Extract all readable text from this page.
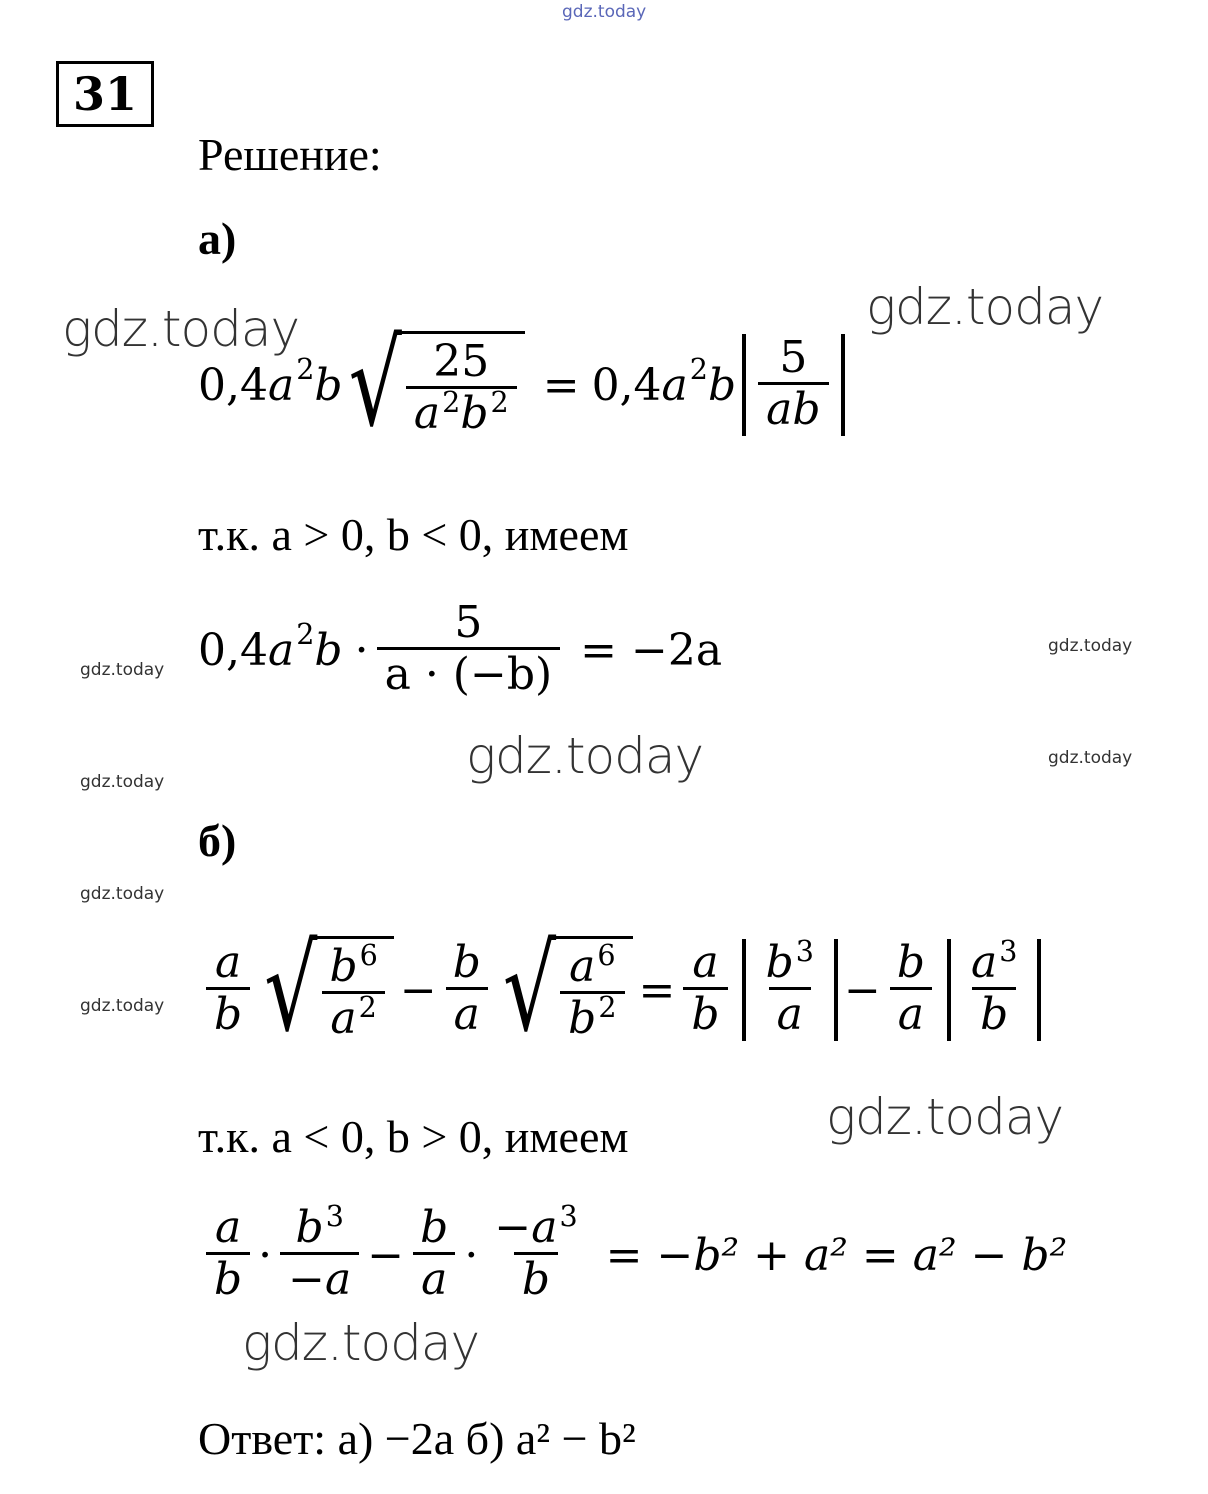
gdz.today
gdz.today	gdz.today
gdz.today
gdz.today
gdz.today
gdz.today
gdz.today
gdz.today
gdz.today
gdz.today
gdz.today
31
Решение:
а)
0,4 a 2 b √ $\frac{25}{a^2b^2} = 0,4$ a 2 b $\frac{5}{ab}$
т.к. a > 0, b < 0, имеем
0,4 a 2 $b \cdot \frac{5}{a \cdot (-b)} = -2a$
б)
$\frac{a}{b}$ √ $\frac{b^6}{a^2} - \frac{b}{a}$ √ $\frac{a^6}{b^2} = \frac{a}{b} \frac{b^3}{a} - \frac{b}{a} \frac{a^3}{b}$
т.к. a < 0, b > 0, имеем
$\frac{a}{b} \cdot \frac{b^3}{-a} - \frac{b}{a} \cdot \frac{-a^3}{b} = -b^2 + a^2 = a^2 - b^2$
Ответ: а) −2a б) a² − b²
